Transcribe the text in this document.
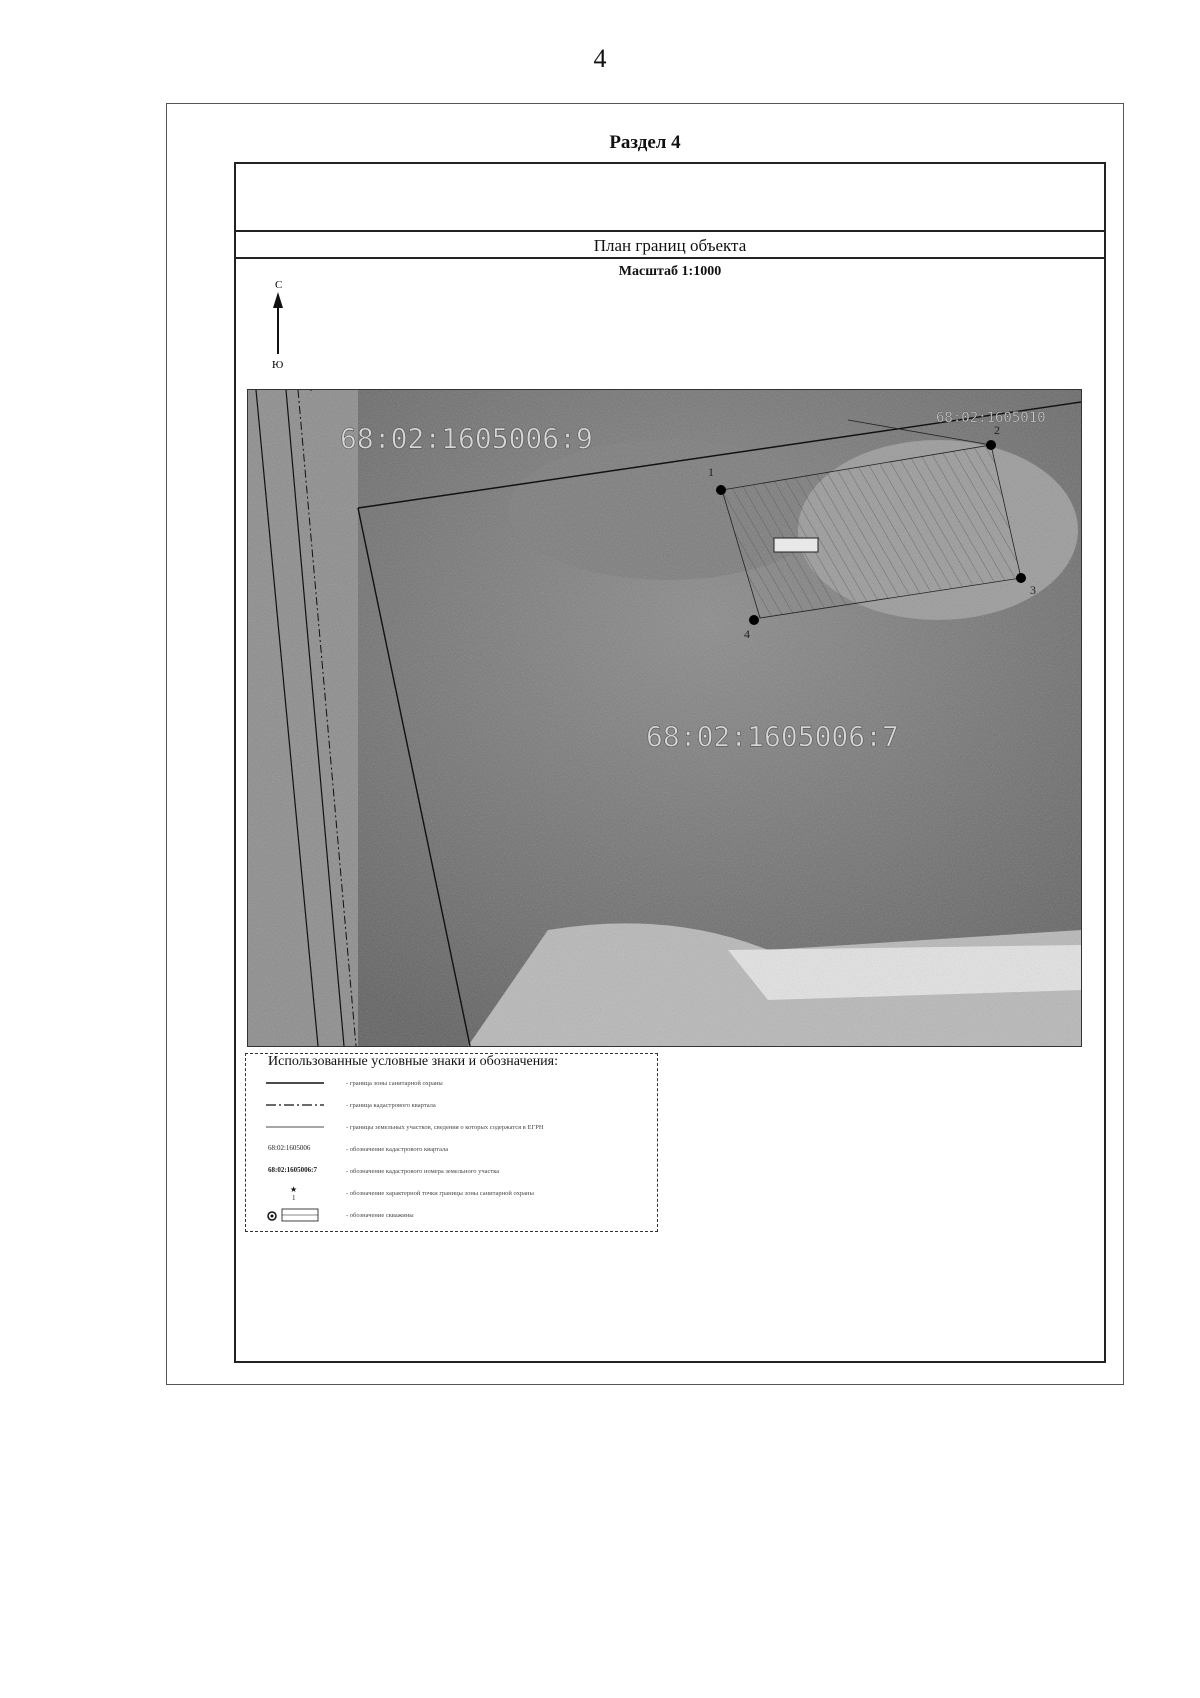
4
Раздел 4
План границ объекта
Масштаб 1:1000
С
Ю
1
2
3
4
68:02:1605006:9
68:02:1605006:7
68:02:1605010
Использованные условные знаки и обозначения:
- граница зоны санитарной охраны
- граница кадастрового квартала
- границы земельных участков, сведения о которых содержатся в ЕГРН
68:02:1605006	- обозначение кадастрового квартала
68:02:1605006:7	- обозначение кадастрового номера земельного участка
★
1
- обозначение характерной точки границы зоны санитарной охраны
- обозначение скважины
